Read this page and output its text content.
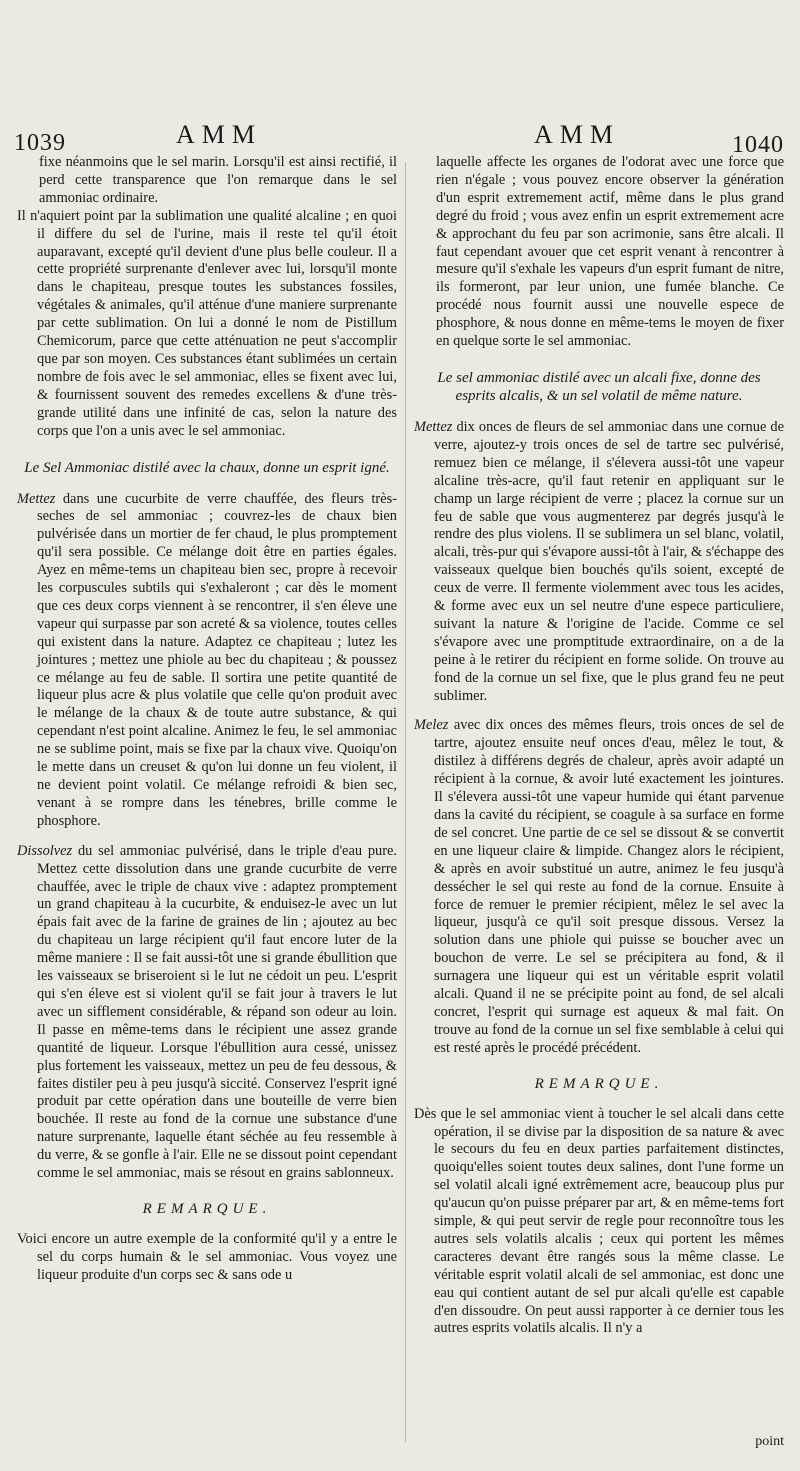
1039	AMM	AMM	1040

fixe néanmoins que le sel marin. Lorsqu'il est ainsi rectifié, il perd cette transparence que l'on remarque dans le sel ammoniac ordinaire.

Il n'aquiert point par la sublimation une qualité alcaline ; en quoi il differe du sel de l'urine, mais il reste tel qu'il étoit auparavant, excepté qu'il devient d'une plus belle couleur. Il a cette propriété surprenante d'enlever avec lui, lorsqu'il monte dans le chapiteau, presque toutes les substances fossiles, végétales & animales, qu'il atténue d'une maniere surprenante par cette sublimation. On lui a donné le nom de Pistillum Chemicorum, parce que cette atténuation ne peut s'accomplir que par son moyen. Ces substances étant sublimées un certain nombre de fois avec le sel ammoniac, elles se fixent avec lui, & fournissent souvent des remedes excellens & d'une très-grande utilité dans une infinité de cas, selon la nature des corps que l'on a unis avec le sel ammoniac.

Le Sel Ammoniac distilé avec la chaux, donne un esprit igné.

Mettez dans une cucurbite de verre chauffée, des fleurs très-seches de sel ammoniac ; couvrez-les de chaux bien pulvérisée dans un mortier de fer chaud, le plus promptement qu'il sera possible. Ce mélange doit être en parties égales. Ayez en même-tems un chapiteau bien sec, propre à recevoir les corpuscules subtils qui s'exhaleront ; car dès le moment que ces deux corps viennent à se rencontrer, il s'en éleve une vapeur qui surpasse par son acreté & sa violence, toutes celles qui existent dans la nature. Adaptez ce chapiteau ; lutez les jointures ; mettez une phiole au bec du chapiteau ; & poussez ce mélange au feu de sable. Il sortira une petite quantité de liqueur plus acre & plus volatile que celle qu'on produit avec le mélange de la chaux & de toute autre substance, & qui cependant n'est point alcaline. Animez le feu, le sel ammoniac ne se sublime point, mais se fixe par la chaux vive. Quoiqu'on le mette dans un creuset & qu'on lui donne un feu violent, il ne devient point volatil. Ce mélange refroidi & bien sec, venant à se rompre dans les ténebres, brille comme le phosphore.

Dissolvez du sel ammoniac pulvérisé, dans le triple d'eau pure. Mettez cette dissolution dans une grande cucurbite de verre chauffée, avec le triple de chaux vive : adaptez promptement un grand chapiteau à la cucurbite, & enduisez-le avec un lut épais fait avec de la farine de graines de lin ; ajoutez au bec du chapiteau un large récipient qu'il faut encore luter de la même maniere : Il se fait aussi-tôt une si grande ébullition que les vaisseaux se briseroient si le lut ne cédoit un peu. L'esprit qui s'en éleve est si violent qu'il se fait jour à travers le lut avec un sifflement considérable, & répand son odeur au loin. Il passe en même-tems dans le récipient une assez grande quantité de liqueur. Lorsque l'ébullition aura cessé, unissez plus fortement les vaisseaux, mettez un peu de feu dessous, & faites distiler peu à peu jusqu'à siccité. Conservez l'esprit igné produit par cette opération dans une bouteille de verre bien bouchée. Il reste au fond de la cornue une substance d'une nature surprenante, laquelle étant séchée au feu ressemble à du verre, & se gonfle à l'air. Elle ne se dissout point cependant comme le sel ammoniac, mais se résout en grains sablonneux.

REMARQUE.

Voici encore un autre exemple de la conformité qu'il y a entre le sel du corps humain & le sel ammoniac. Vous voyez une liqueur produite d'un corps sec & sans ode u

laquelle affecte les organes de l'odorat avec une force que rien n'égale ; vous pouvez encore observer la génération d'un esprit extremement actif, même dans le plus grand degré du froid ; vous avez enfin un esprit extremement acre & approchant du feu par son acrimonie, sans être alcali. Il faut cependant avouer que cet esprit venant à rencontrer à mesure qu'il s'exhale les vapeurs d'un esprit fumant de nitre, ils formeront, par leur union, une fumée blanche. Ce procédé nous fournit aussi une nouvelle espece de phosphore, & nous donne en même-tems le moyen de fixer en quelque sorte le sel ammoniac.

Le sel ammoniac distilé avec un alcali fixe, donne des esprits alcalis, & un sel volatil de même nature.

Mettez dix onces de fleurs de sel ammoniac dans une cornue de verre, ajoutez-y trois onces de sel de tartre sec pulvérisé, remuez bien ce mélange, il s'élevera aussi-tôt une vapeur alcaline très-acre, qu'il faut retenir en appliquant sur le champ un large récipient de verre ; placez la cornue sur un feu de sable que vous augmenterez par degrés jusqu'à le rendre des plus violens. Il se sublimera un sel blanc, volatil, alcali, très-pur qui s'évapore aussi-tôt à l'air, & s'échappe des vaisseaux quelque bien bouchés qu'ils soient, excepté de ceux de verre. Il fermente violemment avec tous les acides, & forme avec eux un sel neutre d'une espece particuliere, suivant la nature & l'origine de l'acide. Comme ce sel s'évapore avec une promptitude extraordinaire, on a de la peine à le retirer du récipient en forme solide. On trouve au fond de la cornue un sel fixe, que le plus grand feu ne peut sublimer.

Melez avec dix onces des mêmes fleurs, trois onces de sel de tartre, ajoutez ensuite neuf onces d'eau, mêlez le tout, & distilez à différens degrés de chaleur, après avoir adapté un récipient à la cornue, & avoir luté exactement les jointures. Il s'élevera aussi-tôt une vapeur humide qui étant parvenue dans la cavité du récipient, se coagule à sa surface en forme de sel concret. Une partie de ce sel se dissout & se convertit en une liqueur claire & limpide. Changez alors le récipient, & après en avoir substitué un autre, animez le feu jusqu'à dessécher le sel qui reste au fond de la cornue. Ensuite à force de remuer le premier récipient, mêlez le sel avec la liqueur, jusqu'à ce qu'il soit presque dissous. Versez la solution dans une phiole qui puisse se boucher avec un bouchon de verre. Le sel se précipitera au fond, & il surnagera une liqueur qui est un véritable esprit volatil alcali. Quand il ne se précipite point au fond, de sel alcali concret, l'esprit qui surnage est aqueux & mal fait. On trouve au fond de la cornue un sel fixe semblable à celui qui est resté après le procédé précédent.

REMARQUE.

Dès que le sel ammoniac vient à toucher le sel alcali dans cette opération, il se divise par la disposition de sa nature & avec le secours du feu en deux parties parfaitement distinctes, quoiqu'elles soient toutes deux salines, dont l'une forme un sel volatil alcali igné extrêmement acre, beaucoup plus pur qu'aucun qu'on puisse préparer par art, & en même-tems fort simple, & qui peut servir de regle pour reconnoître tous les autres sels volatils alcalis ; ceux qui portent les mêmes caracteres devant être rangés sous la même classe. Le véritable esprit volatil alcali de sel ammoniac, est donc une eau qui contient autant de sel pur alcali qu'elle est capable d'en dissoudre. On peut aussi rapporter à ce dernier tous les autres esprits volatils alcalis. Il n'y a

point
